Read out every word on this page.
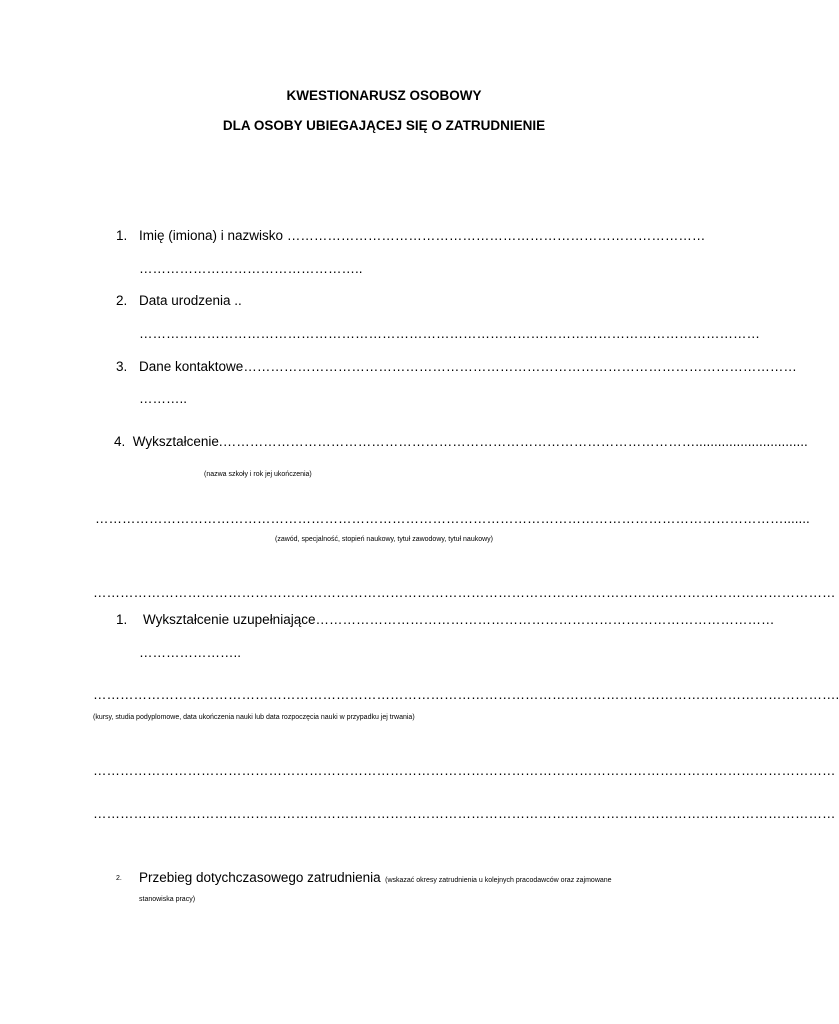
KWESTIONARUSZ OSOBOWY
DLA OSOBY UBIEGAJĄCEJ SIĘ O ZATRUDNIENIE
1. Imię (imiona) i nazwisko …………………………………………………………………………………
…………………………………………..
2. Data urodzenia ..
…………………………………………………………………………………………………………………………
3. Dane kontaktowe……………………………………………………………………………………………………………
………..
4. Wykształcenie.……………………………………………………………………………………………..............................
(nazwa szkoły i rok jej ukończenia)
……………………………………………………………………………………………………………………………………….......
(zawód, specjalność, stopień naukowy, tytuł zawodowy, tytuł naukowy)
…………………………………………………………………………………………………………………………………………………
1. Wykształcenie uzupełniające…………………………………………………………………………………………
…………………..
………………………………………………………………………………………………………………………………………………….
(kursy, studia podyplomowe, data ukończenia nauki lub data rozpoczęcia nauki w przypadku jej trwania)
…………………………………………………………………………………………………………………………………………………
…………………………………………………………………………………………………………………………………………………
2. Przebieg dotychczasowego zatrudnienia (wskazać okresy zatrudnienia u kolejnych pracodawców oraz zajmowane
stanowiska pracy)
